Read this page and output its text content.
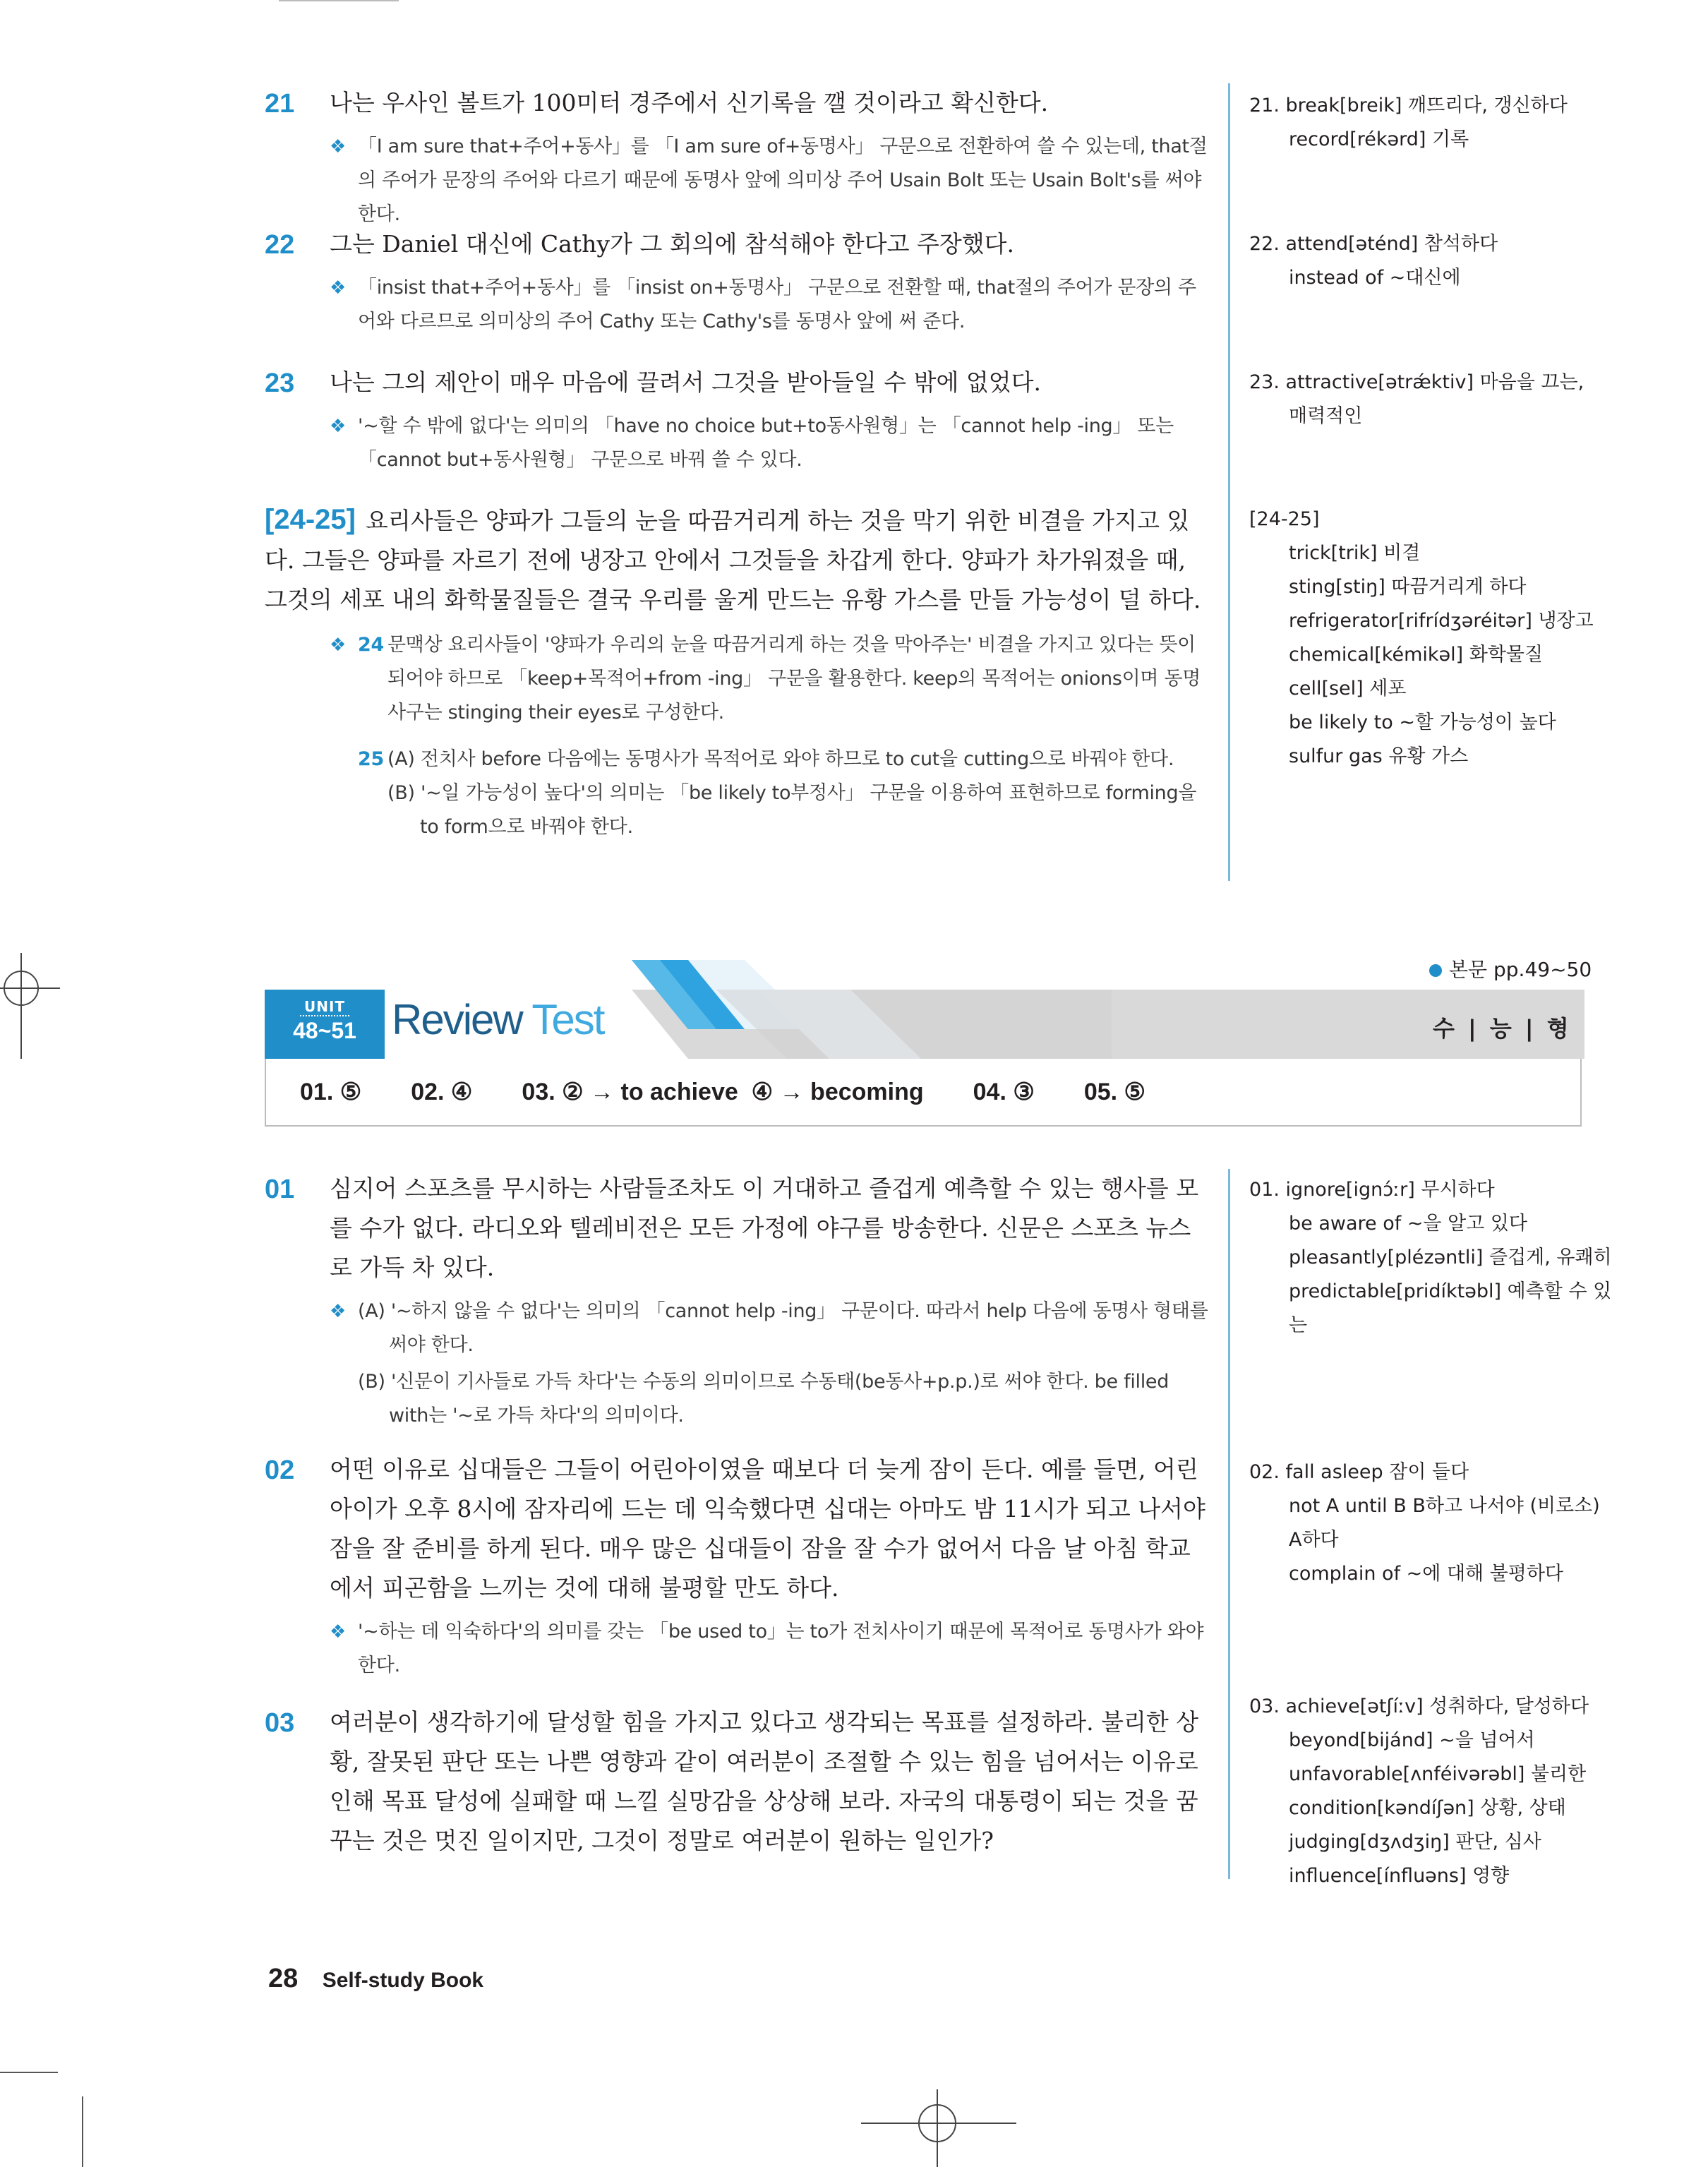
21 나는 우사인 볼트가 100미터 경주에서 신기록을 깰 것이라고 확신한다.
❖ 「I am sure that+주어+동사」를 「I am sure of+동명사」 구문으로 전환하여 쓸 수 있는데, that절의 주어가 문장의 주어와 다르기 때문에 동명사 앞에 의미상 주어 Usain Bolt 또는 Usain Bolt's를 써야 한다.
22 그는 Daniel 대신에 Cathy가 그 회의에 참석해야 한다고 주장했다.
❖ 「insist that+주어+동사」를 「insist on+동명사」 구문으로 전환할 때, that절의 주어가 문장의 주어와 다르므로 의미상의 주어 Cathy 또는 Cathy's를 동명사 앞에 써 준다.
23 나는 그의 제안이 매우 마음에 끌려서 그것을 받아들일 수 밖에 없었다.
❖ '~할 수 밖에 없다'는 의미의 「have no choice but+to동사원형」는 「cannot help -ing」 또는 「cannot but+동사원형」 구문으로 바꿔 쓸 수 있다.
[24-25] 요리사들은 양파가 그들의 눈을 따끔거리게 하는 것을 막기 위한 비결을 가지고 있다. 그들은 양파를 자르기 전에 냉장고 안에서 그것들을 차갑게 한다. 양파가 차가워졌을 때, 그것의 세포 내의 화학물질들은 결국 우리를 울게 만드는 유황 가스를 만들 가능성이 덜 하다.
❖ 24 문맥상 요리사들이 '양파가 우리의 눈을 따끔거리게 하는 것을 막아주는' 비결을 가지고 있다는 뜻이 되어야 하므로 「keep+목적어+from -ing」 구문을 활용한다. keep의 목적어는 onions이며 동명사구는 stinging their eyes로 구성한다.
25 (A) 전치사 before 다음에는 동명사가 목적어로 와야 하므로 to cut을 cutting으로 바꿔야 한다.
(B) '~일 가능성이 높다'의 의미는 「be likely to부정사」 구문을 이용하여 표현하므로 forming을 to form으로 바꿔야 한다.
21. break[breik] 깨뜨리다, 갱신하다
record[rékərd] 기록
22. attend[əténd] 참석하다
instead of ~대신에
23. attractive[ətrǽktiv] 마음을 끄는,
매력적인
[24-25]
trick[trik] 비결
sting[stiŋ] 따끔거리게 하다
refrigerator[rifrídʒəréitər] 냉장고
chemical[kémikəl] 화학물질
cell[sel] 세포
be likely to ~할 가능성이 높다
sulfur gas 유황 가스
본문 pp.49~50
UNIT
48~51 Review Test	수 | 능 | 형
01. ⑤ 02. ④ 03. ② → to achieve  ④ → becoming 04. ③ 05. ⑤
01 심지어 스포츠를 무시하는 사람들조차도 이 거대하고 즐겁게 예측할 수 있는 행사를 모를 수가 없다. 라디오와 텔레비전은 모든 가정에 야구를 방송한다. 신문은 스포츠 뉴스로 가득 차 있다.
❖ (A) '~하지 않을 수 없다'는 의미의 「cannot help -ing」 구문이다. 따라서 help 다음에 동명사 형태를 써야 한다.
(B) '신문이 기사들로 가득 차다'는 수동의 의미이므로 수동태(be동사+p.p.)로 써야 한다. be filled with는 '~로 가득 차다'의 의미이다.
02 어떤 이유로 십대들은 그들이 어린아이였을 때보다 더 늦게 잠이 든다. 예를 들면, 어린아이가 오후 8시에 잠자리에 드는 데 익숙했다면 십대는 아마도 밤 11시가 되고 나서야 잠을 잘 준비를 하게 된다. 매우 많은 십대들이 잠을 잘 수가 없어서 다음 날 아침 학교에서 피곤함을 느끼는 것에 대해 불평할 만도 하다.
❖ '~하는 데 익숙하다'의 의미를 갖는 「be used to」는 to가 전치사이기 때문에 목적어로 동명사가 와야 한다.
03 여러분이 생각하기에 달성할 힘을 가지고 있다고 생각되는 목표를 설정하라. 불리한 상황, 잘못된 판단 또는 나쁜 영향과 같이 여러분이 조절할 수 있는 힘을 넘어서는 이유로 인해 목표 달성에 실패할 때 느낄 실망감을 상상해 보라. 자국의 대통령이 되는 것을 꿈꾸는 것은 멋진 일이지만, 그것이 정말로 여러분이 원하는 일인가?
01. ignore[ignɔ́ːr] 무시하다
be aware of ~을 알고 있다
pleasantly[plézəntli] 즐겁게, 유쾌히
predictable[pridíktəbl] 예측할 수 있는
02. fall asleep 잠이 들다
not A until B B하고 나서야 (비로소)
A하다
complain of ~에 대해 불평하다
03. achieve[ətʃíːv] 성취하다, 달성하다
beyond[bijánd] ~을 넘어서
unfavorable[ʌnféivərəbl] 불리한
condition[kəndíʃən] 상황, 상태
judging[dʒʌdʒiŋ] 판단, 심사
influence[ínfluəns] 영향
28 Self-study Book
